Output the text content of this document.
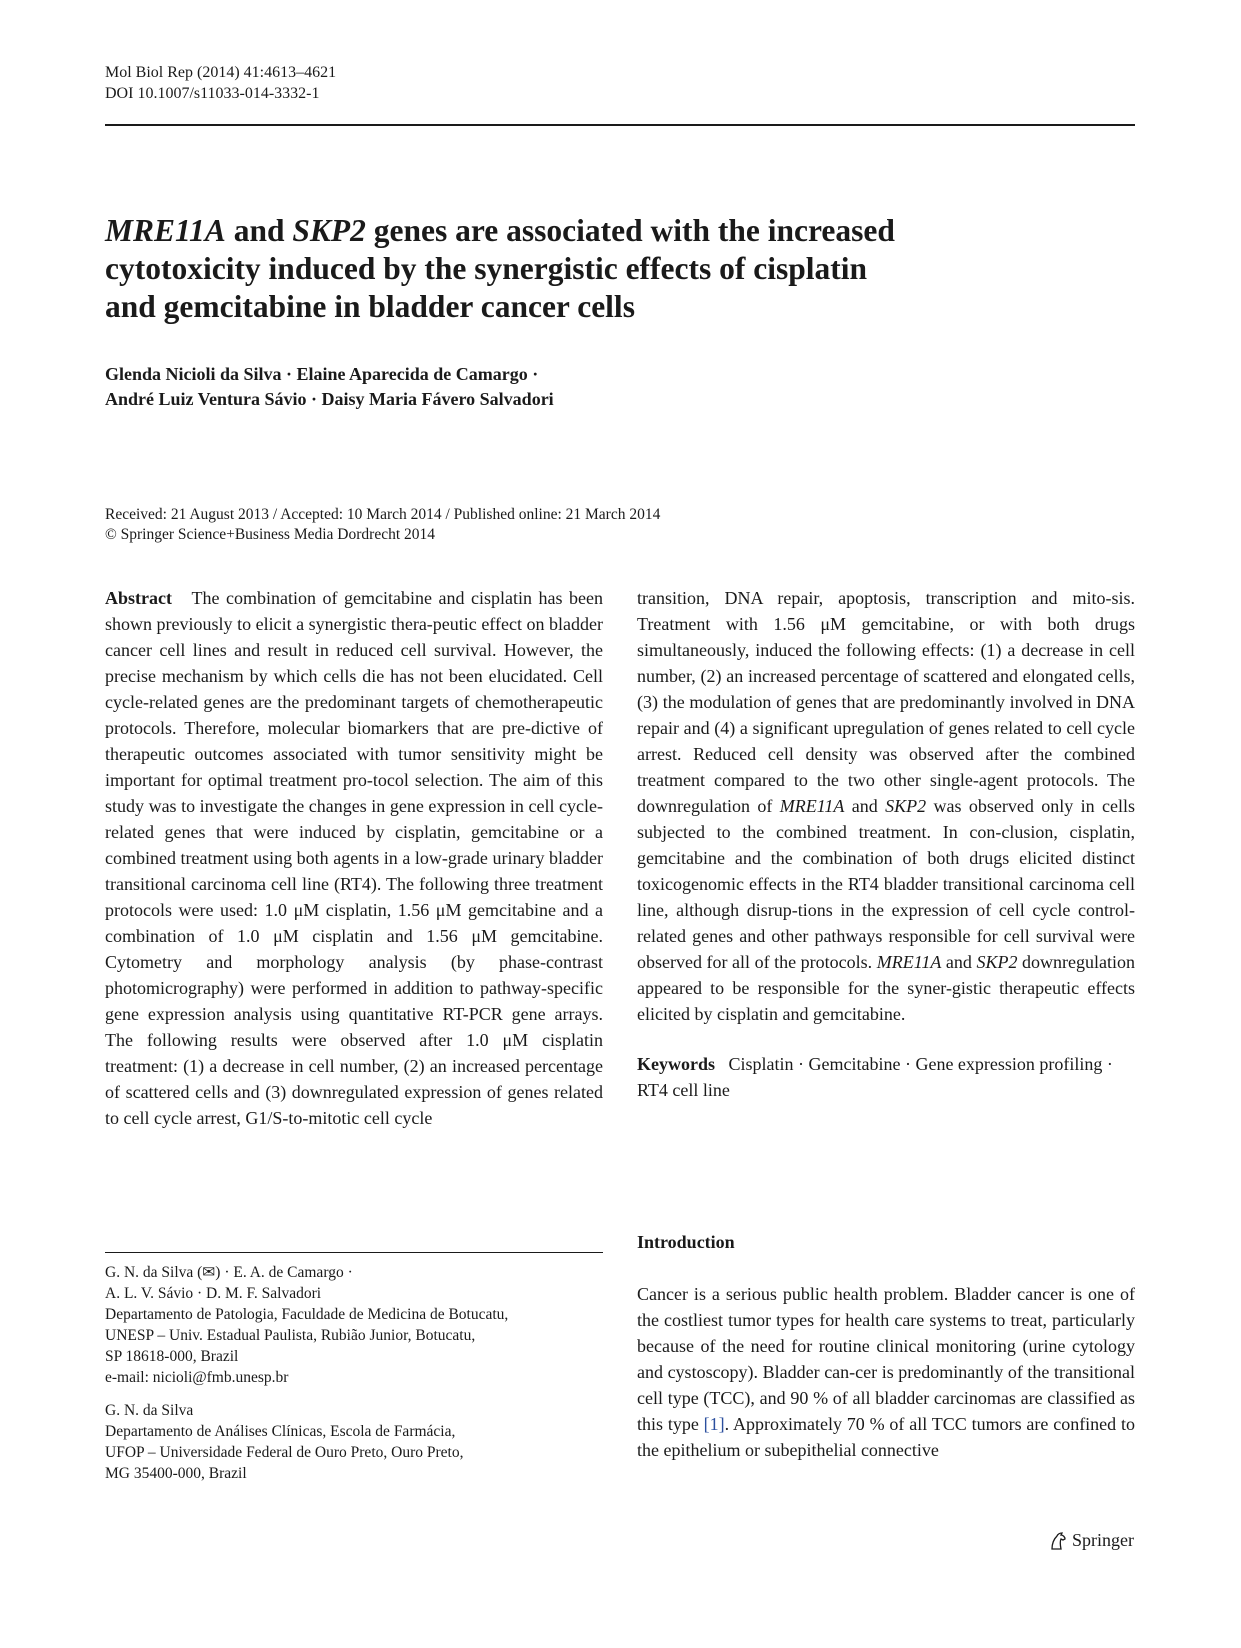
Mol Biol Rep (2014) 41:4613–4621
DOI 10.1007/s11033-014-3332-1
MRE11A and SKP2 genes are associated with the increased
cytotoxicity induced by the synergistic effects of cisplatin
and gemcitabine in bladder cancer cells
Glenda Nicioli da Silva · Elaine Aparecida de Camargo ·
André Luiz Ventura Sávio · Daisy Maria Fávero Salvadori
Received: 21 August 2013 / Accepted: 10 March 2014 / Published online: 21 March 2014
© Springer Science+Business Media Dordrecht 2014

Abstract The combination of gemcitabine and cisplatin has been shown previously to elicit a synergistic thera-peutic effect on bladder cancer cell lines and result in reduced cell survival. However, the precise mechanism by which cells die has not been elucidated. Cell cycle-related genes are the predominant targets of chemotherapeutic protocols. Therefore, molecular biomarkers that are pre-dictive of therapeutic outcomes associated with tumor sensitivity might be important for optimal treatment pro-tocol selection. The aim of this study was to investigate the changes in gene expression in cell cycle-related genes that were induced by cisplatin, gemcitabine or a combined treatment using both agents in a low-grade urinary bladder transitional carcinoma cell line (RT4). The following three treatment protocols were used: 1.0 μM cisplatin, 1.56 μM gemcitabine and a combination of 1.0 μM cisplatin and 1.56 μM gemcitabine. Cytometry and morphology analysis (by phase-contrast photomicrography) were performed in addition to pathway-specific gene expression analysis using quantitative RT-PCR gene arrays. The following results were observed after 1.0 μM cisplatin treatment: (1) a decrease in cell number, (2) an increased percentage of scattered cells and (3) downregulated expression of genes related to cell cycle arrest, G1/S-to-mitotic cell cycle

transition, DNA repair, apoptosis, transcription and mito-sis. Treatment with 1.56 μM gemcitabine, or with both drugs simultaneously, induced the following effects: (1) a decrease in cell number, (2) an increased percentage of scattered and elongated cells, (3) the modulation of genes that are predominantly involved in DNA repair and (4) a significant upregulation of genes related to cell cycle arrest. Reduced cell density was observed after the combined treatment compared to the two other single-agent protocols. The downregulation of MRE11A and SKP2 was observed only in cells subjected to the combined treatment. In con-clusion, cisplatin, gemcitabine and the combination of both drugs elicited distinct toxicogenomic effects in the RT4 bladder transitional carcinoma cell line, although disrup-tions in the expression of cell cycle control-related genes and other pathways responsible for cell survival were observed for all of the protocols. MRE11A and SKP2 downregulation appeared to be responsible for the syner-gistic therapeutic effects elicited by cisplatin and gemcitabine.

Keywords Cisplatin · Gemcitabine · Gene expression profiling · RT4 cell line

G. N. da Silva (✉) · E. A. de Camargo ·
A. L. V. Sávio · D. M. F. Salvadori
Departamento de Patologia, Faculdade de Medicina de Botucatu,
UNESP – Univ. Estadual Paulista, Rubião Junior, Botucatu,
SP 18618-000, Brazil
e-mail: nicioli@fmb.unesp.br

G. N. da Silva
Departamento de Análises Clínicas, Escola de Farmácia,
UFOP – Universidade Federal de Ouro Preto, Ouro Preto,
MG 35400-000, Brazil

Introduction

Cancer is a serious public health problem. Bladder cancer is one of the costliest tumor types for health care systems to treat, particularly because of the need for routine clinical monitoring (urine cytology and cystoscopy). Bladder can-cer is predominantly of the transitional cell type (TCC), and 90 % of all bladder carcinomas are classified as this type [1]. Approximately 70 % of all TCC tumors are confined to the epithelium or subepithelial connective

Springer
